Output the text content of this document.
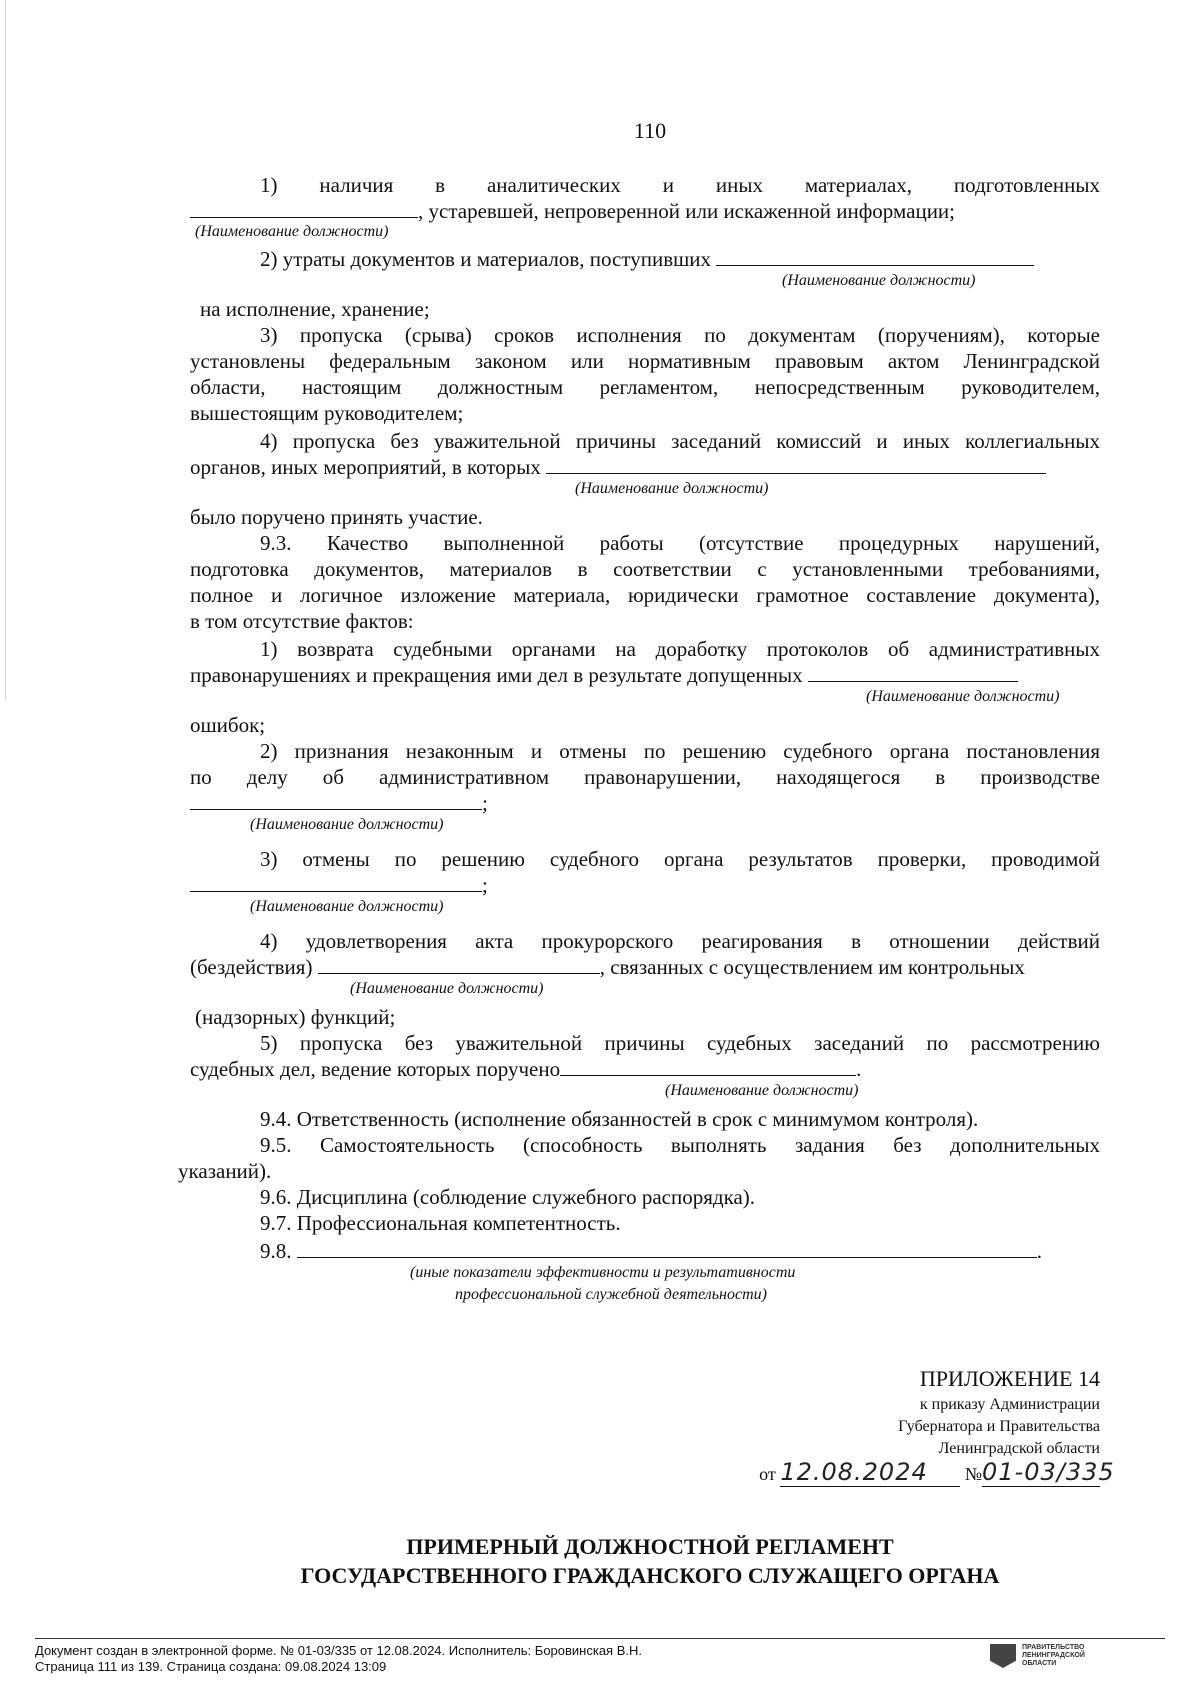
110
1) наличия в аналитических и иных материалах, подготовленных
, устаревшей, непроверенной или искаженной информации;
(Наименование должности)
2) утраты документов и материалов, поступивших
(Наименование должности)
на исполнение, хранение;
3) пропуска (срыва) сроков исполнения по документам (поручениям), которые
установлены федеральным законом или нормативным правовым актом Ленинградской
области, настоящим должностным регламентом, непосредственным руководителем,
вышестоящим руководителем;
4) пропуска без уважительной причины заседаний комиссий и иных коллегиальных
органов, иных мероприятий, в которых
(Наименование должности)
было поручено принять участие.
9.3. Качество выполненной работы (отсутствие процедурных нарушений,
подготовка документов, материалов в соответствии с установленными требованиями,
полное и логичное изложение материала, юридически грамотное составление документа),
в том отсутствие фактов:
1) возврата судебными органами на доработку протоколов об административных
правонарушениях и прекращения ими дел в результате допущенных
(Наименование должности)
ошибок;
2) признания незаконным и отмены по решению судебного органа постановления
по делу об административном правонарушении, находящегося в производстве
;
(Наименование должности)
3) отмены по решению судебного органа результатов проверки, проводимой
;
(Наименование должности)
4) удовлетворения акта прокурорского реагирования в отношении действий
(бездействия)	, связанных с осуществлением им контрольных
(Наименование должности)
(надзорных) функций;
5) пропуска без уважительной причины судебных заседаний по рассмотрению
судебных дел, ведение которых поручено	.
(Наименование должности)
9.4. Ответственность (исполнение обязанностей в срок с минимумом контроля).
9.5. Самостоятельность (способность выполнять задания без дополнительных
указаний).
9.6. Дисциплина (соблюдение служебного распорядка).
9.7. Профессиональная компетентность.
9.8.	.
(иные показатели эффективности и результативности
профессиональной служебной деятельности)
ПРИЛОЖЕНИЕ 14
к приказу Администрации
Губернатора и Правительства
Ленинградской области
от 12.08.2024 №01-03/335
ПРИМЕРНЫЙ ДОЛЖНОСТНОЙ РЕГЛАМЕНТ
ГОСУДАРСТВЕННОГО ГРАЖДАНСКОГО СЛУЖАЩЕГО ОРГАНА
Документ создан в электронной форме. № 01-03/335 от 12.08.2024. Исполнитель: Боровинская В.Н.
Страница 111 из 139. Страница создана: 09.08.2024 13:09
ПРАВИТЕЛЬСТВО ЛЕНИНГРАДСКОЙ ОБЛАСТИ
